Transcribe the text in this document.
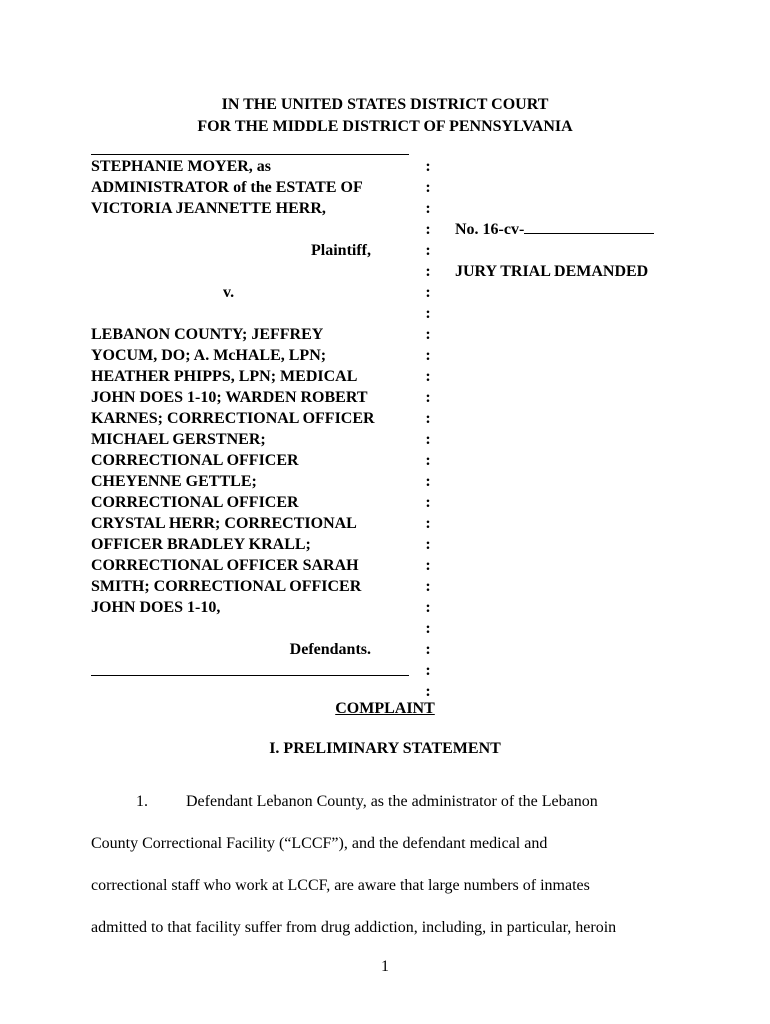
IN THE UNITED STATES DISTRICT COURT
FOR THE MIDDLE DISTRICT OF PENNSYLVANIA
STEPHANIE MOYER, as
ADMINISTRATOR of the ESTATE OF
VICTORIA JEANNETTE HERR,
Plaintiff,
v.
LEBANON COUNTY; JEFFREY
YOCUM, DO; A. McHALE, LPN;
HEATHER PHIPPS, LPN; MEDICAL
JOHN DOES 1-10; WARDEN ROBERT
KARNES; CORRECTIONAL OFFICER
MICHAEL GERSTNER;
CORRECTIONAL OFFICER
CHEYENNE GETTLE;
CORRECTIONAL OFFICER
CRYSTAL HERR; CORRECTIONAL
OFFICER BRADLEY KRALL;
CORRECTIONAL OFFICER SARAH
SMITH; CORRECTIONAL OFFICER
JOHN DOES 1-10,
Defendants.
:
:
:
:
:
:
:
:
:
:
:
:
:
:
:
:
:
:
:
:
:
:
:
:
:
:
No. 16-cv-
JURY TRIAL DEMANDED
COMPLAINT
I. PRELIMINARY STATEMENT
1. Defendant Lebanon County, as the administrator of the Lebanon
County Correctional Facility (“LCCF”), and the defendant medical and
correctional staff who work at LCCF, are aware that large numbers of inmates
admitted to that facility suffer from drug addiction, including, in particular, heroin
1
